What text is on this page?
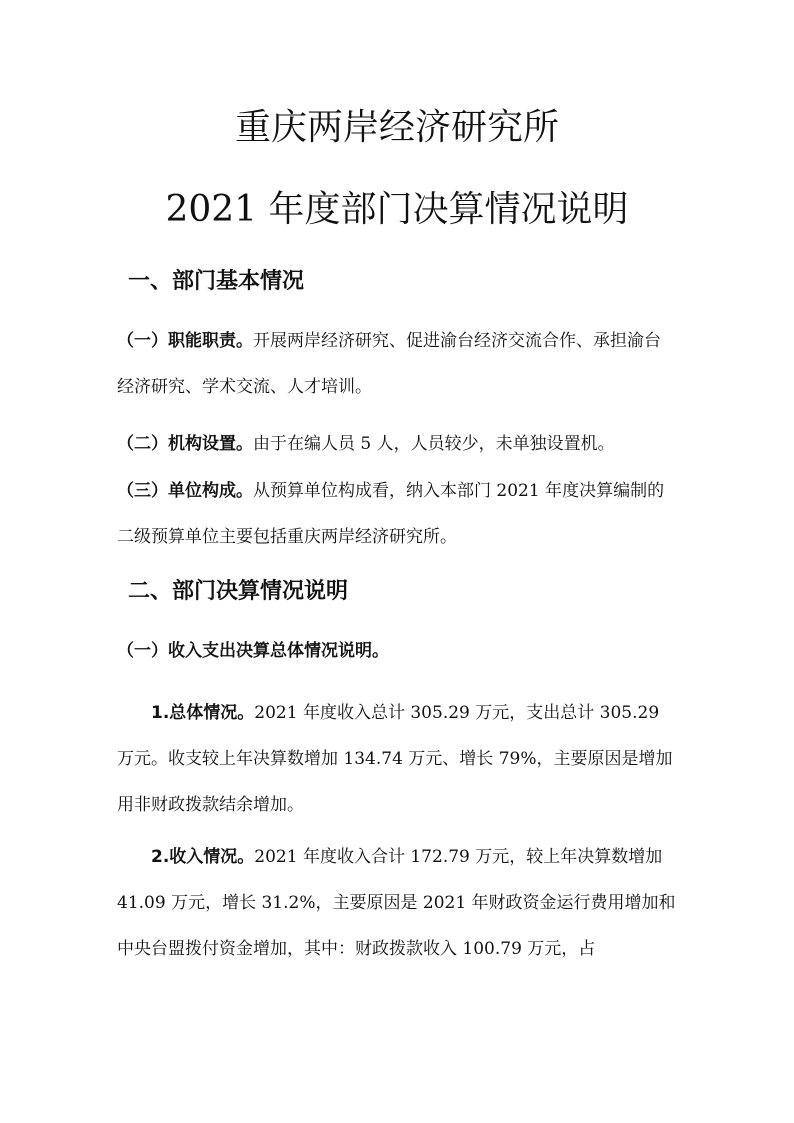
重庆两岸经济研究所
2021 年度部门决算情况说明
一、部门基本情况
（一）职能职责。开展两岸经济研究、促进渝台经济交流合作、承担渝台经济研究、学术交流、人才培训。
（二）机构设置。由于在编人员 5 人，人员较少，未单独设置机。
（三）单位构成。从预算单位构成看，纳入本部门 2021 年度决算编制的二级预算单位主要包括重庆两岸经济研究所。
二、部门决算情况说明
（一）收入支出决算总体情况说明。
1.总体情况。2021 年度收入总计 305.29 万元，支出总计 305.29 万元。收支较上年决算数增加 134.74 万元、增长 79%，主要原因是增加用非财政拨款结余增加。
2.收入情况。2021 年度收入合计 172.79 万元，较上年决算数增加 41.09 万元，增长 31.2%，主要原因是 2021 年财政资金运行费用增加和中央台盟拨付资金增加，其中：财政拨款收入 100.79 万元，占
